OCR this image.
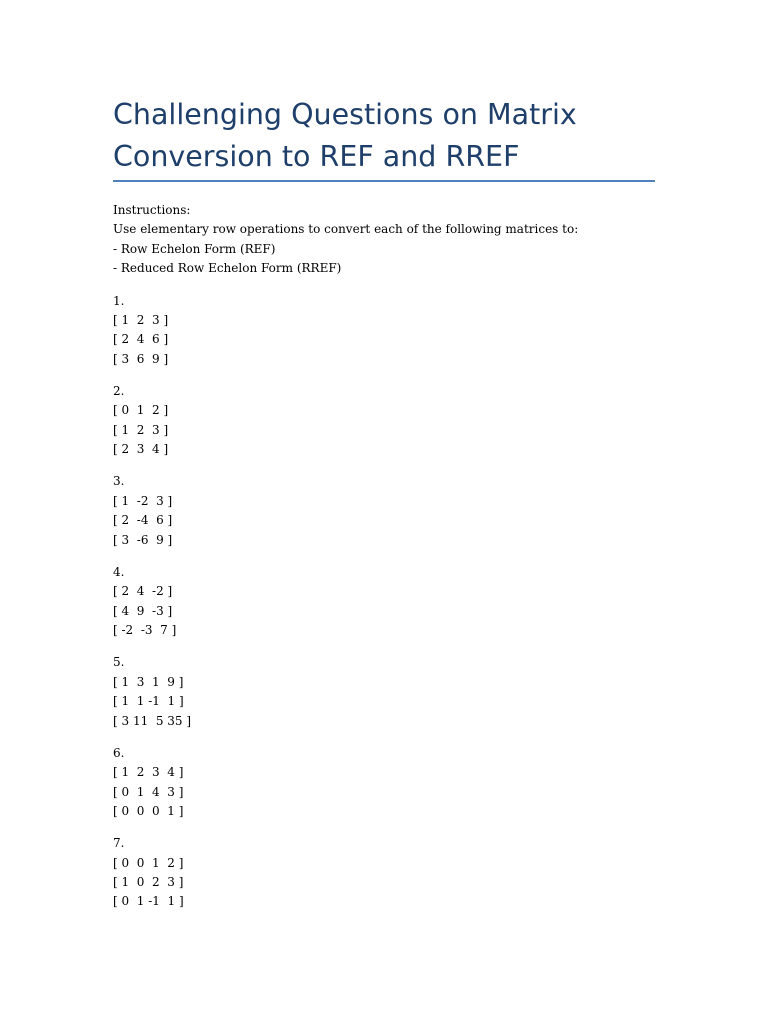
Challenging Questions on Matrix
Conversion to REF and RREF
Instructions:
Use elementary row operations to convert each of the following matrices to:
- Row Echelon Form (REF)
- Reduced Row Echelon Form (RREF)
1.
[ 1  2  3 ]
[ 2  4  6 ]
[ 3  6  9 ]
2.
[ 0  1  2 ]
[ 1  2  3 ]
[ 2  3  4 ]
3.
[ 1  -2  3 ]
[ 2  -4  6 ]
[ 3  -6  9 ]
4.
[ 2  4  -2 ]
[ 4  9  -3 ]
[ -2  -3  7 ]
5.
[ 1  3  1  9 ]
[ 1  1 -1  1 ]
[ 3 11  5 35 ]
6.
[ 1  2  3  4 ]
[ 0  1  4  3 ]
[ 0  0  0  1 ]
7.
[ 0  0  1  2 ]
[ 1  0  2  3 ]
[ 0  1 -1  1 ]
